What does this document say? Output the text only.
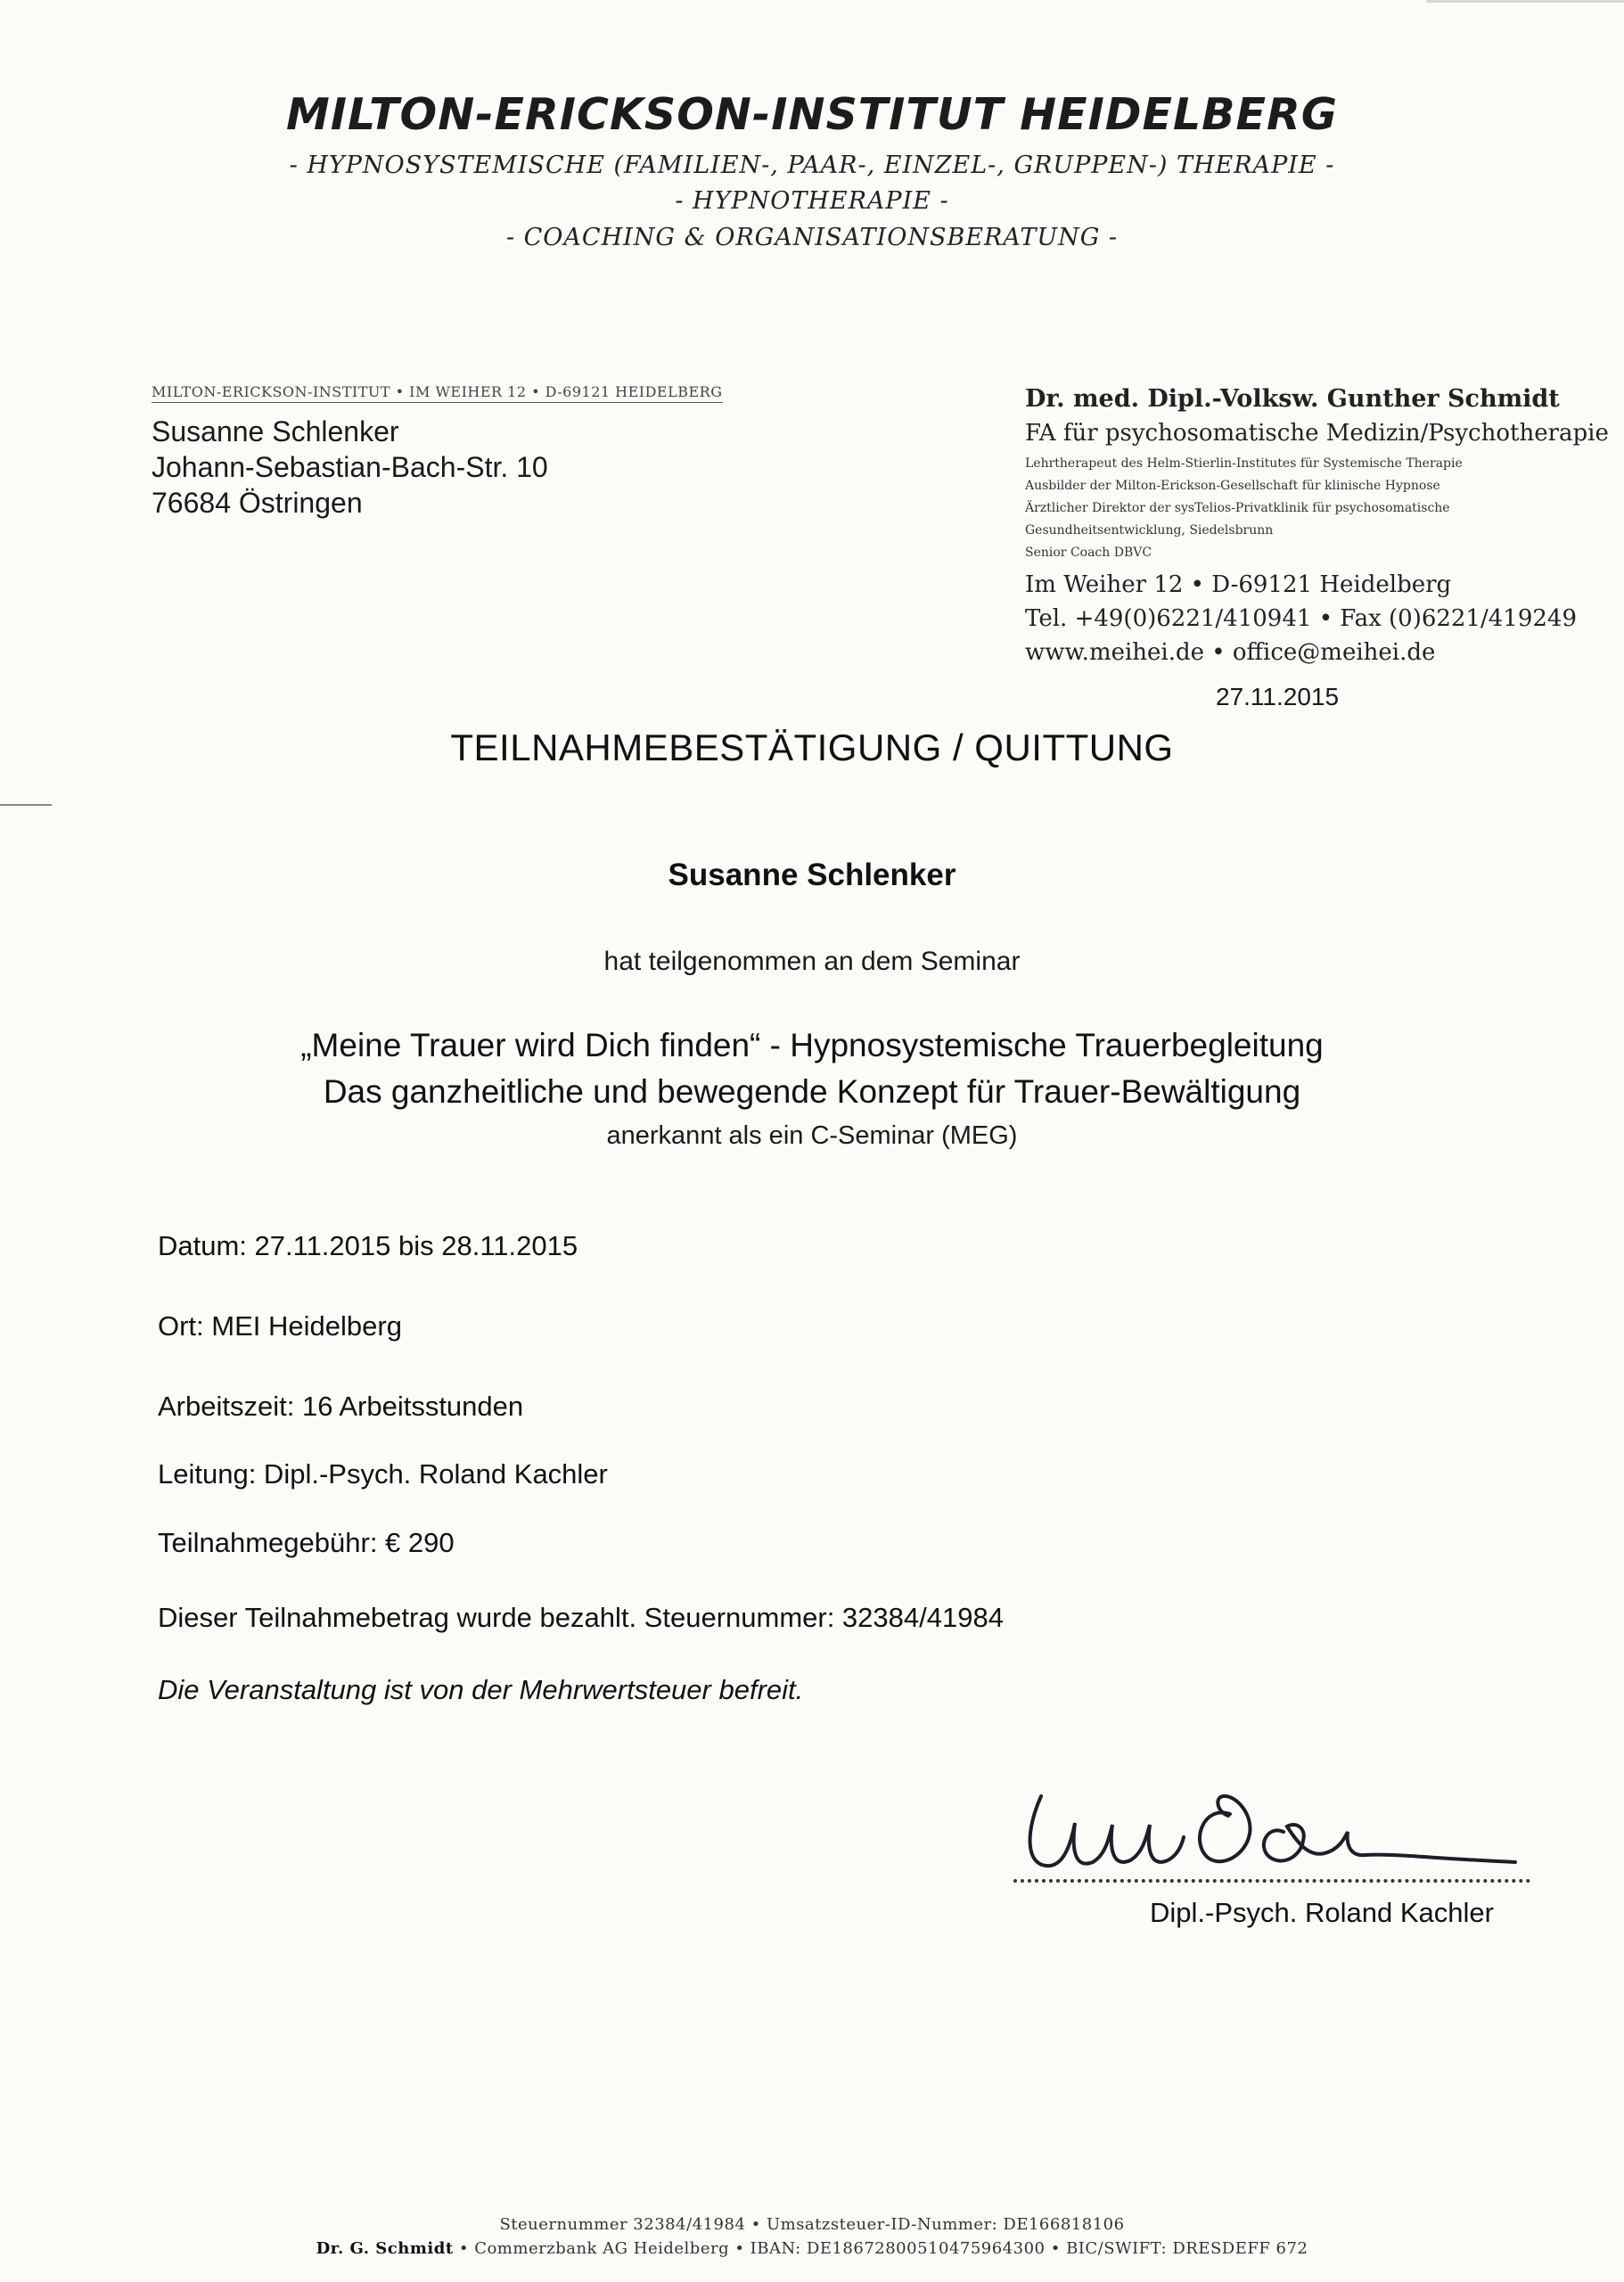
MILTON-ERICKSON-INSTITUT HEIDELBERG
- HYPNOSYSTEMISCHE (FAMILIEN-, PAAR-, EINZEL-, GRUPPEN-) THERAPIE -
- HYPNOTHERAPIE -
- COACHING & ORGANISATIONSBERATUNG -
MILTON-ERICKSON-INSTITUT • IM WEIHER 12 • D-69121 HEIDELBERG
Susanne Schlenker
Johann-Sebastian-Bach-Str. 10
76684 Östringen
Dr. med. Dipl.-Volksw. Gunther Schmidt
FA für psychosomatische Medizin/Psychotherapie
Lehrtherapeut des Helm-Stierlin-Institutes für Systemische Therapie
Ausbilder der Milton-Erickson-Gesellschaft für klinische Hypnose
Ärztlicher Direktor der sysTelios-Privatklinik für psychosomatische
Gesundheitsentwicklung, Siedelsbrunn
Senior Coach DBVC
Im Weiher 12 • D-69121 Heidelberg
Tel. +49(0)6221/410941 • Fax (0)6221/419249
www.meihei.de • office@meihei.de
27.11.2015
TEILNAHMEBESTÄTIGUNG / QUITTUNG
Susanne Schlenker
hat teilgenommen an dem Seminar
„Meine Trauer wird Dich finden“ - Hypnosystemische Trauerbegleitung
Das ganzheitliche und bewegende Konzept für Trauer-Bewältigung
anerkannt als ein C-Seminar (MEG)
Datum: 27.11.2015 bis 28.11.2015
Ort: MEI Heidelberg
Arbeitszeit: 16 Arbeitsstunden
Leitung: Dipl.-Psych. Roland Kachler
Teilnahmegebühr: € 290
Dieser Teilnahmebetrag wurde bezahlt. Steuernummer: 32384/41984
Die Veranstaltung ist von der Mehrwertsteuer befreit.
Dipl.-Psych. Roland Kachler
Steuernummer 32384/41984 • Umsatzsteuer-ID-Nummer: DE166818106
Dr. G. Schmidt • Commerzbank AG Heidelberg • IBAN: DE18672800510475964300 • BIC/SWIFT: DRESDEFF 672
